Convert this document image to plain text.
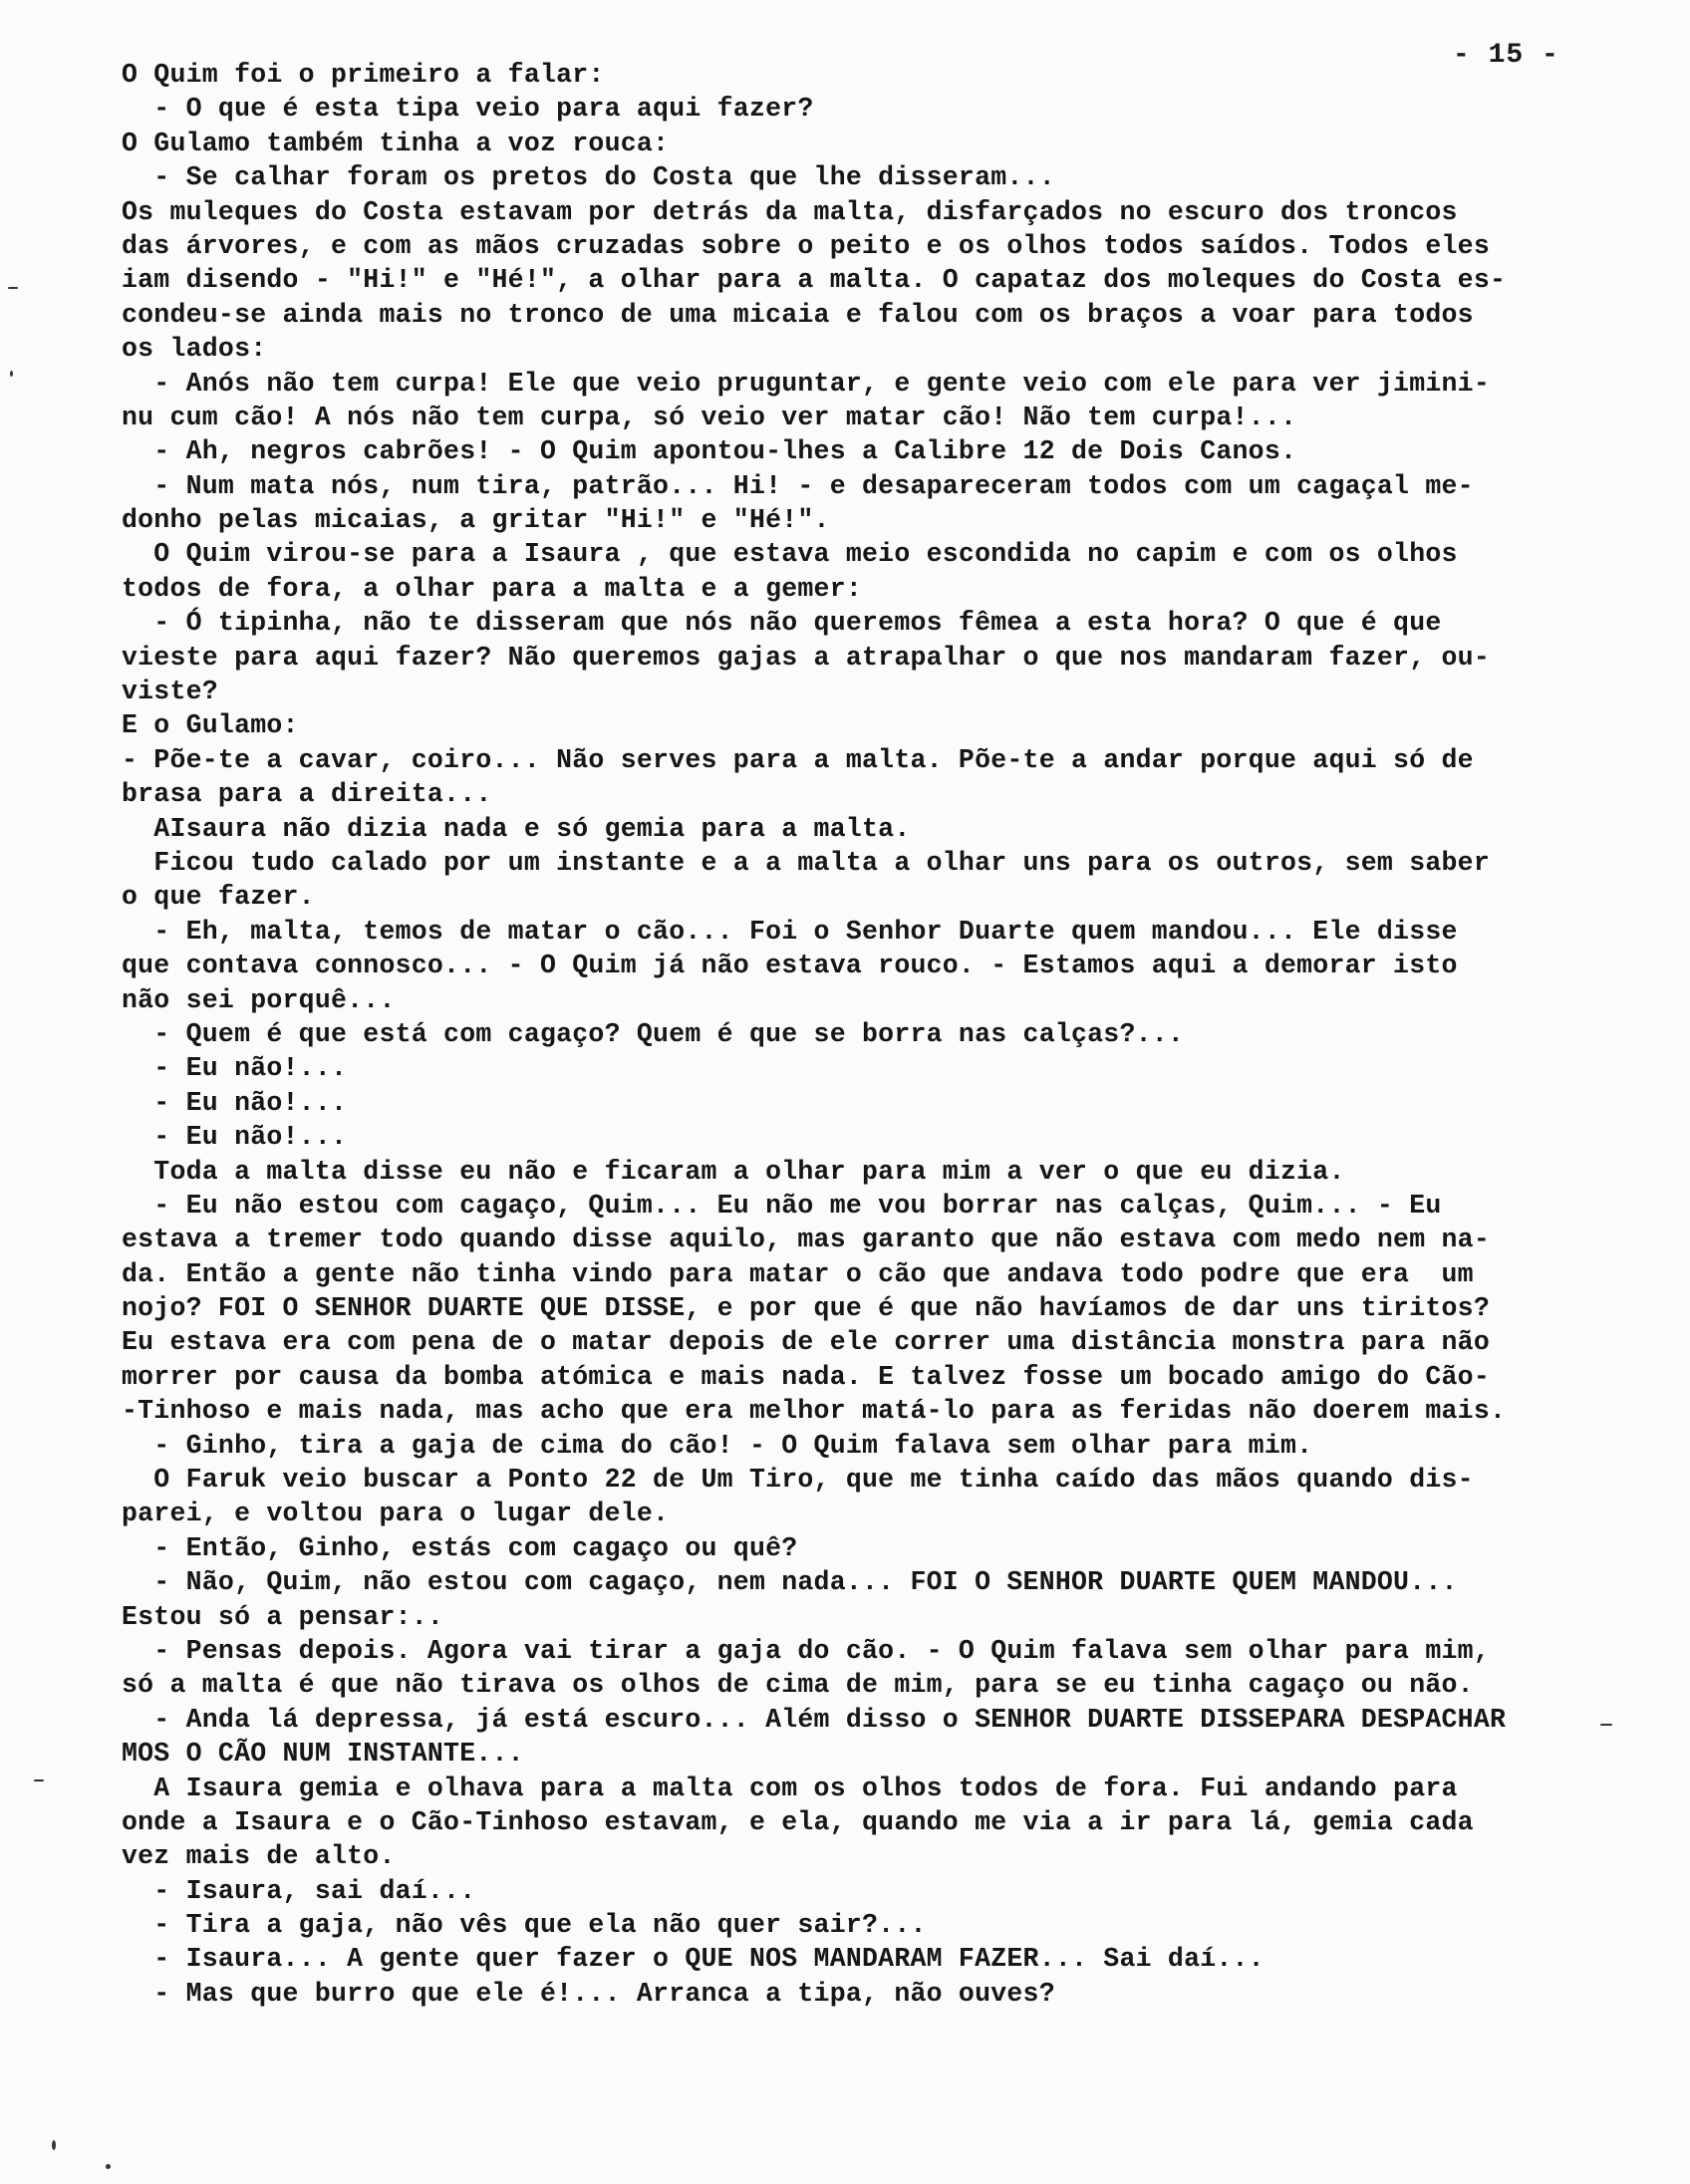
- 15 -
O Quim foi o primeiro a falar:
- O que é esta tipa veio para aqui fazer?
O Gulamo também tinha a voz rouca:
- Se calhar foram os pretos do Costa que lhe disseram...
Os muleques do Costa estavam por detrás da malta, disfarçados no escuro dos troncos
das árvores, e com as mãos cruzadas sobre o peito e os olhos todos saídos. Todos eles
iam disendo - "Hi!" e "Hé!", a olhar para a malta. O capataz dos moleques do Costa es-
condeu-se ainda mais no tronco de uma micaia e falou com os braços a voar para todos
os lados:
- Anós não tem curpa! Ele que veio pruguntar, e gente veio com ele para ver jimini-
nu cum cão! A nós não tem curpa, só veio ver matar cão! Não tem curpa!...
- Ah, negros cabrões! - O Quim apontou-lhes a Calibre 12 de Dois Canos.
- Num mata nós, num tira, patrão... Hi! - e desapareceram todos com um cagaçal me-
donho pelas micaias, a gritar "Hi!" e "Hé!".
O Quim virou-se para a Isaura , que estava meio escondida no capim e com os olhos
todos de fora, a olhar para a malta e a gemer:
- Ó tipinha, não te disseram que nós não queremos fêmea a esta hora? O que é que
vieste para aqui fazer? Não queremos gajas a atrapalhar o que nos mandaram fazer, ou-
viste?
E o Gulamo:
- Põe-te a cavar, coiro... Não serves para a malta. Põe-te a andar porque aqui só de
brasa para a direita...
AIsaura não dizia nada e só gemia para a malta.
Ficou tudo calado por um instante e a a malta a olhar uns para os outros, sem saber
o que fazer.
- Eh, malta, temos de matar o cão... Foi o Senhor Duarte quem mandou... Ele disse
que contava connosco... - O Quim já não estava rouco. - Estamos aqui a demorar isto
não sei porquê...
- Quem é que está com cagaço? Quem é que se borra nas calças?...
- Eu não!...
- Eu não!...
- Eu não!...
Toda a malta disse eu não e ficaram a olhar para mim a ver o que eu dizia.
- Eu não estou com cagaço, Quim... Eu não me vou borrar nas calças, Quim... - Eu
estava a tremer todo quando disse aquilo, mas garanto que não estava com medo nem na-
da. Então a gente não tinha vindo para matar o cão que andava todo podre que era  um
nojo? FOI O SENHOR DUARTE QUE DISSE, e por que é que não havíamos de dar uns tiritos?
Eu estava era com pena de o matar depois de ele correr uma distância monstra para não
morrer por causa da bomba atómica e mais nada. E talvez fosse um bocado amigo do Cão-
-Tinhoso e mais nada, mas acho que era melhor matá-lo para as feridas não doerem mais.
- Ginho, tira a gaja de cima do cão! - O Quim falava sem olhar para mim.
O Faruk veio buscar a Ponto 22 de Um Tiro, que me tinha caído das mãos quando dis-
parei, e voltou para o lugar dele.
- Então, Ginho, estás com cagaço ou quê?
- Não, Quim, não estou com cagaço, nem nada... FOI O SENHOR DUARTE QUEM MANDOU...
Estou só a pensar:..
- Pensas depois. Agora vai tirar a gaja do cão. - O Quim falava sem olhar para mim,
só a malta é que não tirava os olhos de cima de mim, para se eu tinha cagaço ou não.
- Anda lá depressa, já está escuro... Além disso o SENHOR DUARTE DISSEPARA DESPACHAR
MOS O CÃO NUM INSTANTE...
A Isaura gemia e olhava para a malta com os olhos todos de fora. Fui andando para
onde a Isaura e o Cão-Tinhoso estavam, e ela, quando me via a ir para lá, gemia cada
vez mais de alto.
- Isaura, sai daí...
- Tira a gaja, não vês que ela não quer sair?...
- Isaura... A gente quer fazer o QUE NOS MANDARAM FAZER... Sai daí...
- Mas que burro que ele é!... Arranca a tipa, não ouves?
